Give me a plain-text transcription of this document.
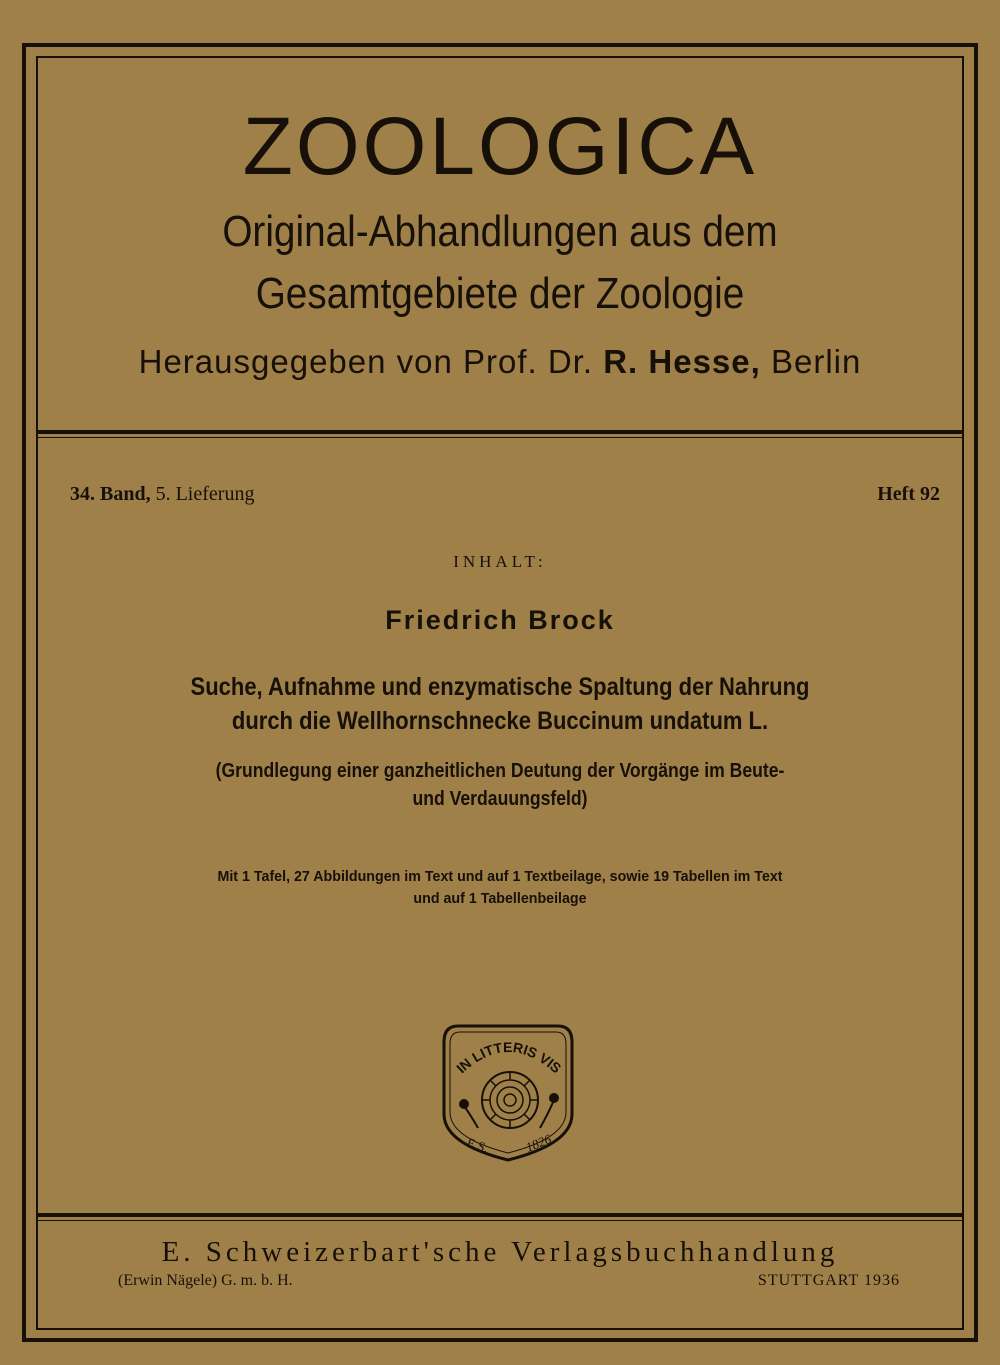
ZOOLOGICA
Original-Abhandlungen aus dem
Gesamtgebiete der Zoologie
Herausgegeben von Prof. Dr. R. Hesse, Berlin
34. Band, 5. Lieferung	Heft 92
INHALT:
Friedrich Brock
Suche, Aufnahme und enzymatische Spaltung der Nahrung
durch die Wellhornschnecke Buccinum undatum L.
(Grundlegung einer ganzheitlichen Deutung der Vorgänge im Beute-
und Verdauungsfeld)
Mit 1 Tafel, 27 Abbildungen im Text und auf 1 Textbeilage, sowie 19 Tabellen im Text
und auf 1 Tabellenbeilage
IN LITTERIS VIS
E.S.	1826
E. Schweizerbart'sche Verlagsbuchhandlung
(Erwin Nägele) G. m. b. H.	STUTTGART 1936
